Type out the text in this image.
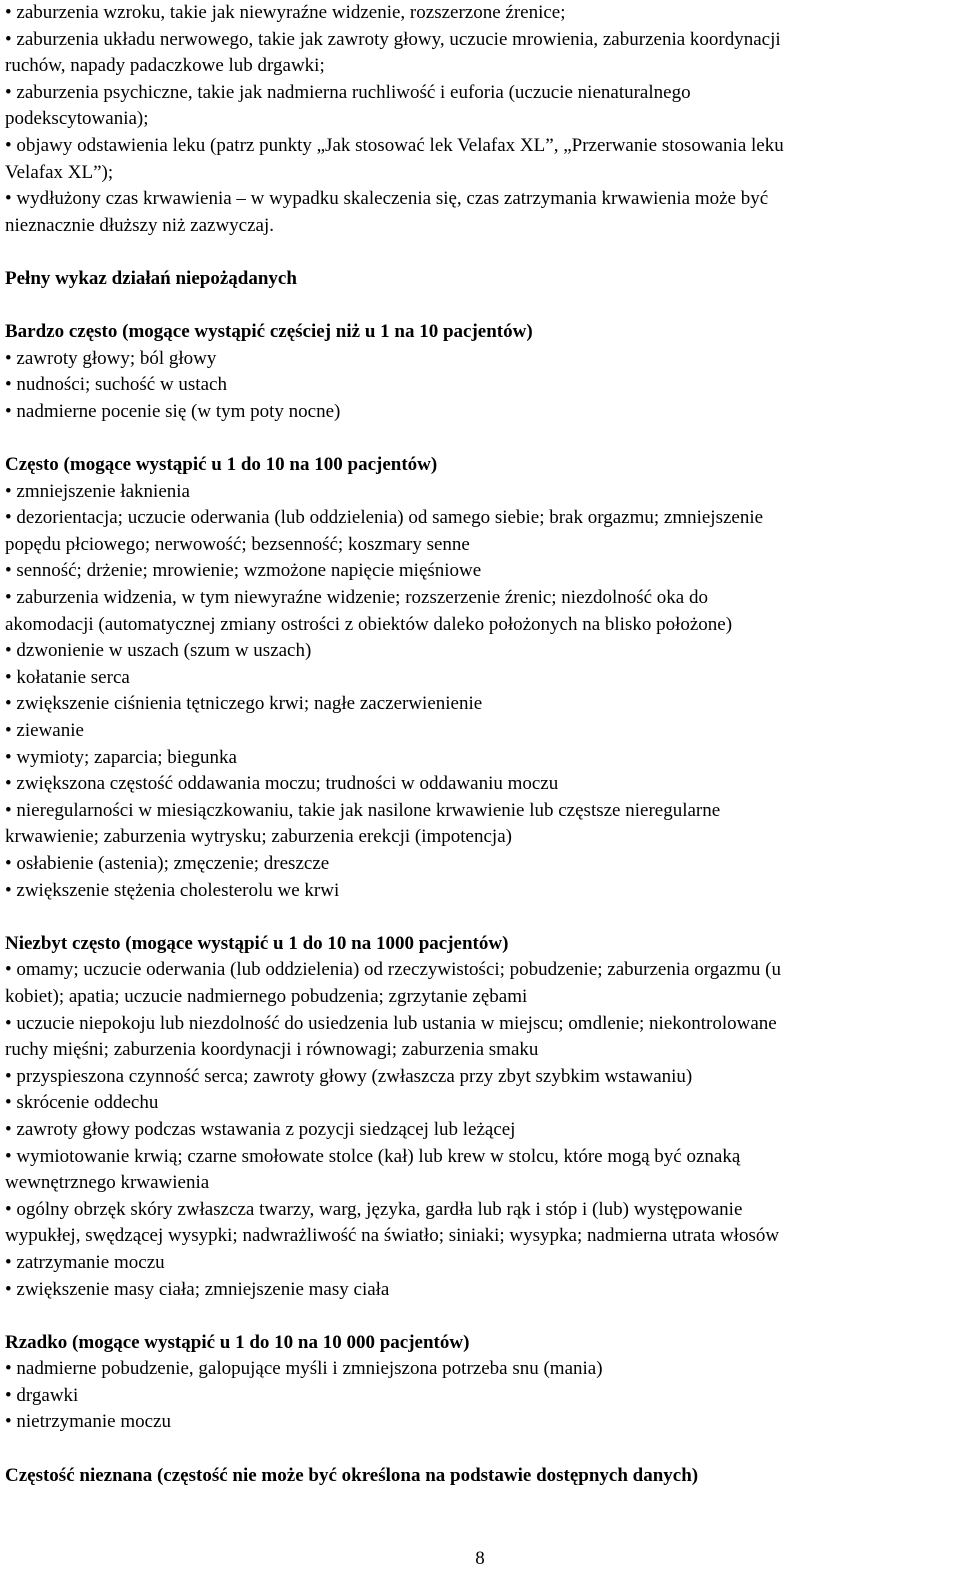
• zaburzenia wzroku, takie jak niewyraźne widzenie, rozszerzone źrenice;
• zaburzenia układu nerwowego, takie jak zawroty głowy, uczucie mrowienia, zaburzenia koordynacji
ruchów, napady padaczkowe lub drgawki;
• zaburzenia psychiczne, takie jak nadmierna ruchliwość i euforia (uczucie nienaturalnego
podekscytowania);
• objawy odstawienia leku (patrz punkty „Jak stosować lek Velafax XL”, „Przerwanie stosowania leku
Velafax XL”);
• wydłużony czas krwawienia – w wypadku skaleczenia się, czas zatrzymania krwawienia może być
nieznacznie dłuższy niż zazwyczaj.
Pełny wykaz działań niepożądanych
Bardzo często (mogące wystąpić częściej niż u 1 na 10 pacjentów)
• zawroty głowy; ból głowy
• nudności; suchość w ustach
• nadmierne pocenie się (w tym poty nocne)
Często (mogące wystąpić u 1 do 10 na 100 pacjentów)
• zmniejszenie łaknienia
• dezorientacja; uczucie oderwania (lub oddzielenia) od samego siebie; brak orgazmu; zmniejszenie
popędu płciowego; nerwowość; bezsenność; koszmary senne
• senność; drżenie; mrowienie; wzmożone napięcie mięśniowe
• zaburzenia widzenia, w tym niewyraźne widzenie; rozszerzenie źrenic; niezdolność oka do
akomodacji (automatycznej zmiany ostrości z obiektów daleko położonych na blisko położone)
• dzwonienie w uszach (szum w uszach)
• kołatanie serca
• zwiększenie ciśnienia tętniczego krwi; nagłe zaczerwienienie
• ziewanie
• wymioty; zaparcia; biegunka
• zwiększona częstość oddawania moczu; trudności w oddawaniu moczu
• nieregularności w miesiączkowaniu, takie jak nasilone krwawienie lub częstsze nieregularne
krwawienie; zaburzenia wytrysku; zaburzenia erekcji (impotencja)
• osłabienie (astenia); zmęczenie; dreszcze
• zwiększenie stężenia cholesterolu we krwi
Niezbyt często (mogące wystąpić u 1 do 10 na 1000 pacjentów)
• omamy; uczucie oderwania (lub oddzielenia) od rzeczywistości; pobudzenie; zaburzenia orgazmu (u
kobiet); apatia; uczucie nadmiernego pobudzenia; zgrzytanie zębami
• uczucie niepokoju lub niezdolność do usiedzenia lub ustania w miejscu; omdlenie; niekontrolowane
ruchy mięśni; zaburzenia koordynacji i równowagi; zaburzenia smaku
• przyspieszona czynność serca; zawroty głowy (zwłaszcza przy zbyt szybkim wstawaniu)
• skrócenie oddechu
• zawroty głowy podczas wstawania z pozycji siedzącej lub leżącej
• wymiotowanie krwią; czarne smołowate stolce (kał) lub krew w stolcu, które mogą być oznaką
wewnętrznego krwawienia
• ogólny obrzęk skóry zwłaszcza twarzy, warg, języka, gardła lub rąk i stóp i (lub) występowanie
wypukłej, swędzącej wysypki; nadwrażliwość na światło; siniaki; wysypka; nadmierna utrata włosów
• zatrzymanie moczu
• zwiększenie masy ciała; zmniejszenie masy ciała
Rzadko (mogące wystąpić u 1 do 10 na 10 000 pacjentów)
• nadmierne pobudzenie, galopujące myśli i zmniejszona potrzeba snu (mania)
• drgawki
• nietrzymanie moczu
Częstość nieznana (częstość nie może być określona na podstawie dostępnych danych)
8
